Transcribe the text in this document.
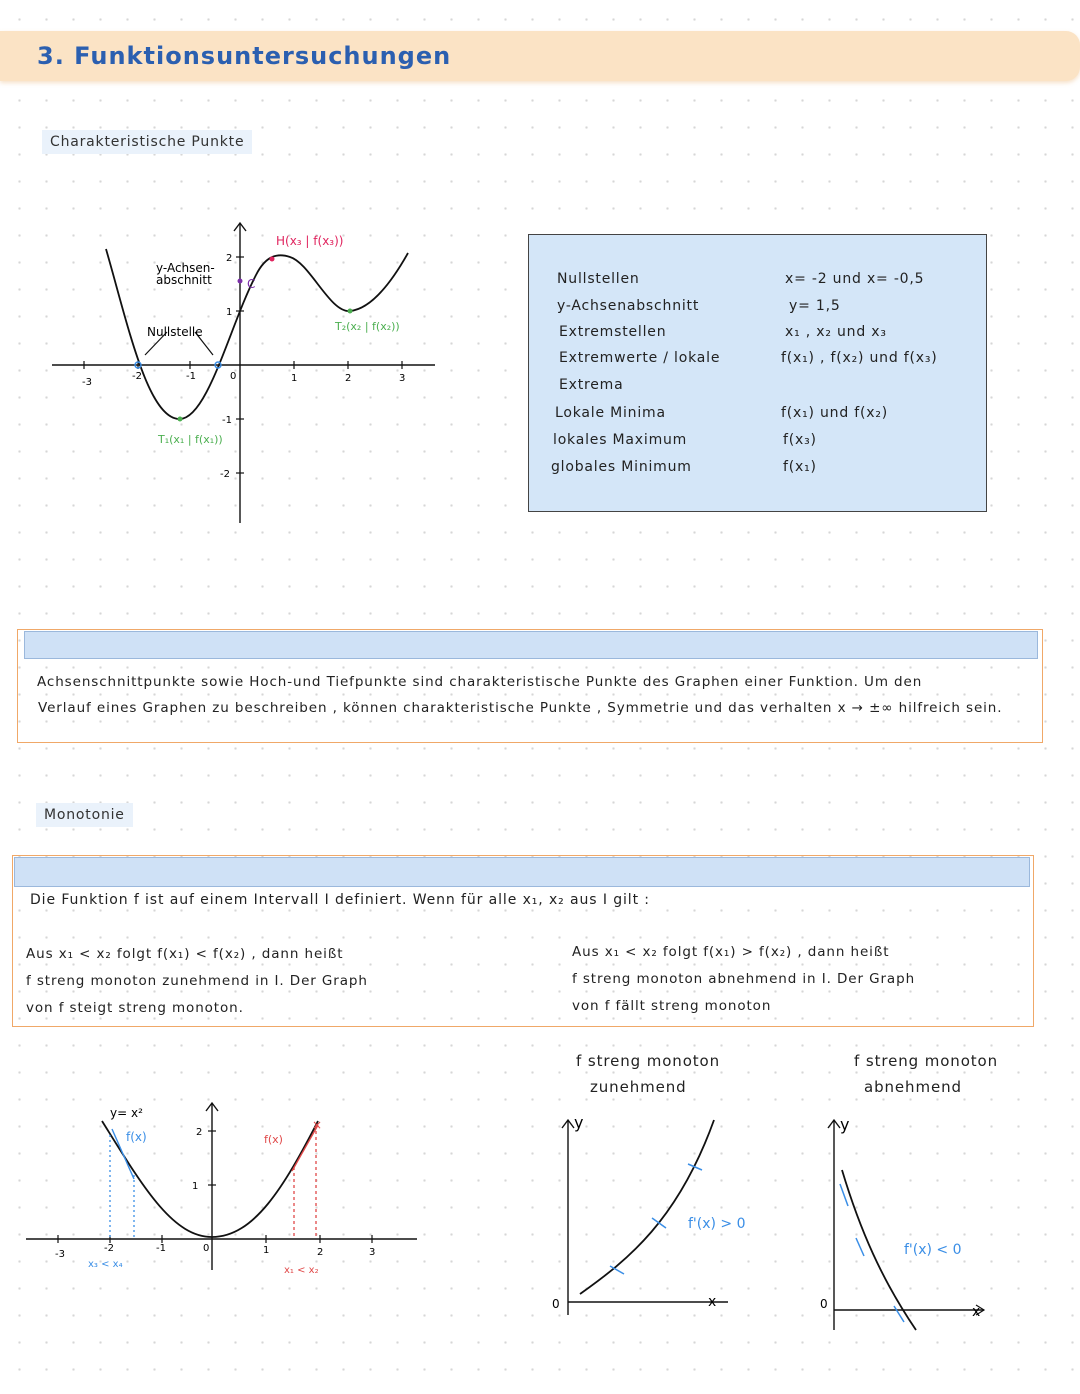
3. Funktionsuntersuchungen
Charakteristische Punkte
-3
-2	-1	0	1	2	3
2
1
-1
-2
y-Achsen-
abschnitt
Nullstelle
H(x₃ | f(x₃))
T₂(x₂ | f(x₂))
T₁(x₁ | f(x₁))
C	Nullstellen	x= -2 und x= -0,5
y-Achsenabschnitt	y= 1,5
Extremstellen	x₁ , x₂ und x₃
Extremwerte / lokale	f(x₁) , f(x₂) und f(x₃)
Extrema
Lokale Minima	f(x₁) und f(x₂)
lokales Maximum	f(x₃)
globales Minimum	f(x₁)
Achsenschnittpunkte sowie Hoch-und Tiefpunkte sind charakteristische Punkte des Graphen einer Funktion. Um den
Verlauf eines Graphen zu beschreiben , können charakteristische Punkte , Symmetrie und das verhalten x → ±∞ hilfreich sein.
Monotonie
Die Funktion f ist auf einem Intervall I definiert. Wenn für alle x₁, x₂ aus I gilt :
Aus x₁ < x₂ folgt f(x₁) < f(x₂) , dann heißt
f streng monoton zunehmend in I. Der Graph
von f steigt streng monoton.
Aus x₁ < x₂ folgt f(x₁) > f(x₂) , dann heißt
f streng monoton abnehmend in I. Der Graph
von f fällt streng monoton
×
-3
-2	-1	0	1	2	3
2
1
y= x²
f(x)	f(x)
x₃ < x₄
x₁ < x₂
f streng monoton
zunehmend
y
x
0
f'(x) > 0
f streng monoton
abnehmend
y
x
0
f'(x) < 0
